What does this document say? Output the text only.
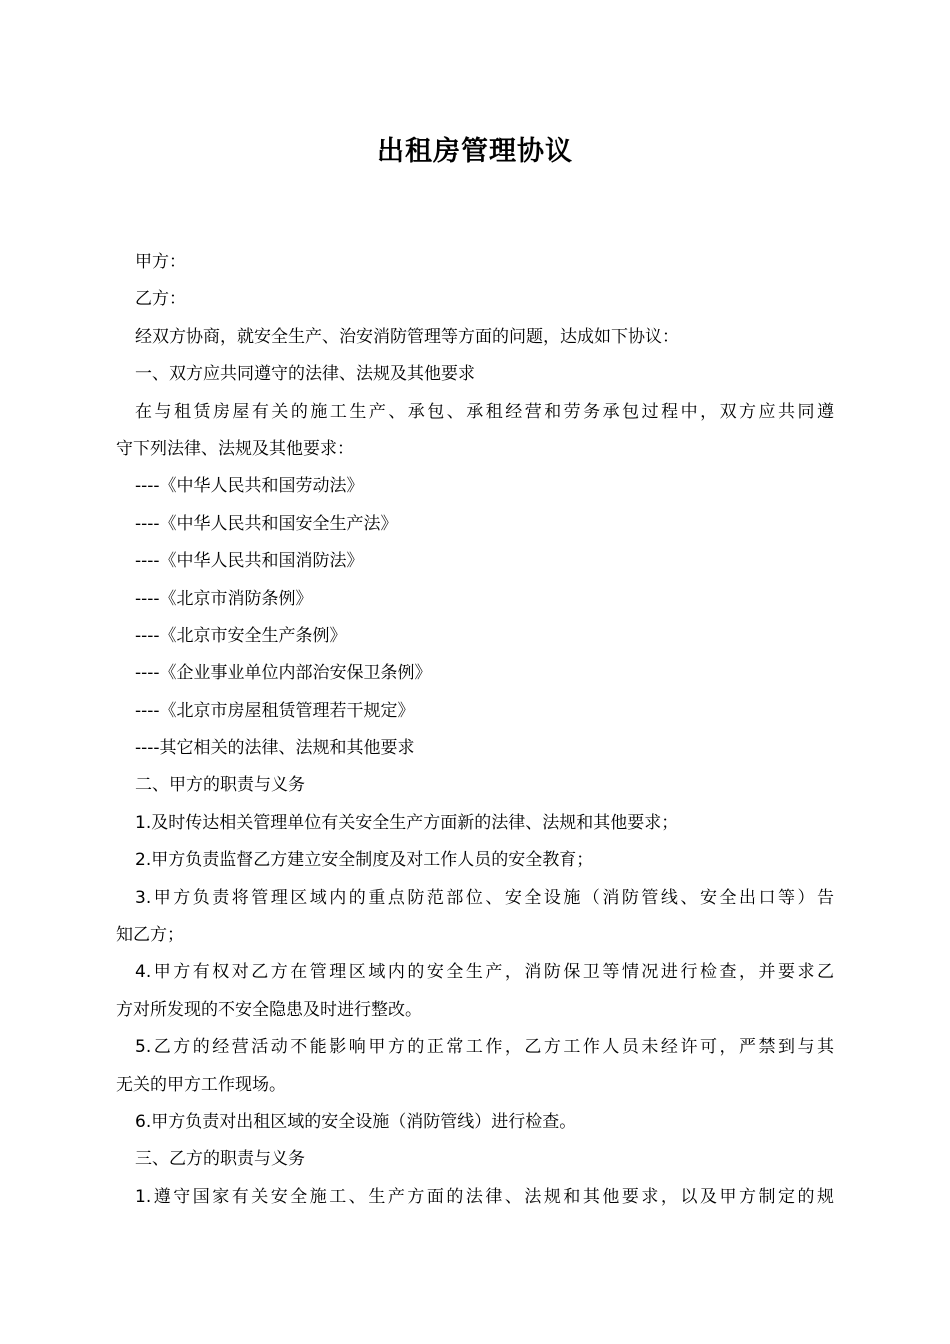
出租房管理协议
甲方：
乙方：
经双方协商，就安全生产、治安消防管理等方面的问题，达成如下协议：
一、双方应共同遵守的法律、法规及其他要求
在与租赁房屋有关的施工生产、承包、承租经营和劳务承包过程中，双方应共同遵
守下列法律、法规及其他要求：
----《中华人民共和国劳动法》
----《中华人民共和国安全生产法》
----《中华人民共和国消防法》
----《北京市消防条例》
----《北京市安全生产条例》
----《企业事业单位内部治安保卫条例》
----《北京市房屋租赁管理若干规定》
----其它相关的法律、法规和其他要求
二、甲方的职责与义务
1.及时传达相关管理单位有关安全生产方面新的法律、法规和其他要求；
2.甲方负责监督乙方建立安全制度及对工作人员的安全教育；
3.甲方负责将管理区域内的重点防范部位、安全设施（消防管线、安全出口等）告
知乙方；
4.甲方有权对乙方在管理区域内的安全生产，消防保卫等情况进行检查，并要求乙
方对所发现的不安全隐患及时进行整改。
5.乙方的经营活动不能影响甲方的正常工作，乙方工作人员未经许可，严禁到与其
无关的甲方工作现场。
6.甲方负责对出租区域的安全设施（消防管线）进行检查。
三、乙方的职责与义务
1.遵守国家有关安全施工、生产方面的法律、法规和其他要求，以及甲方制定的规
